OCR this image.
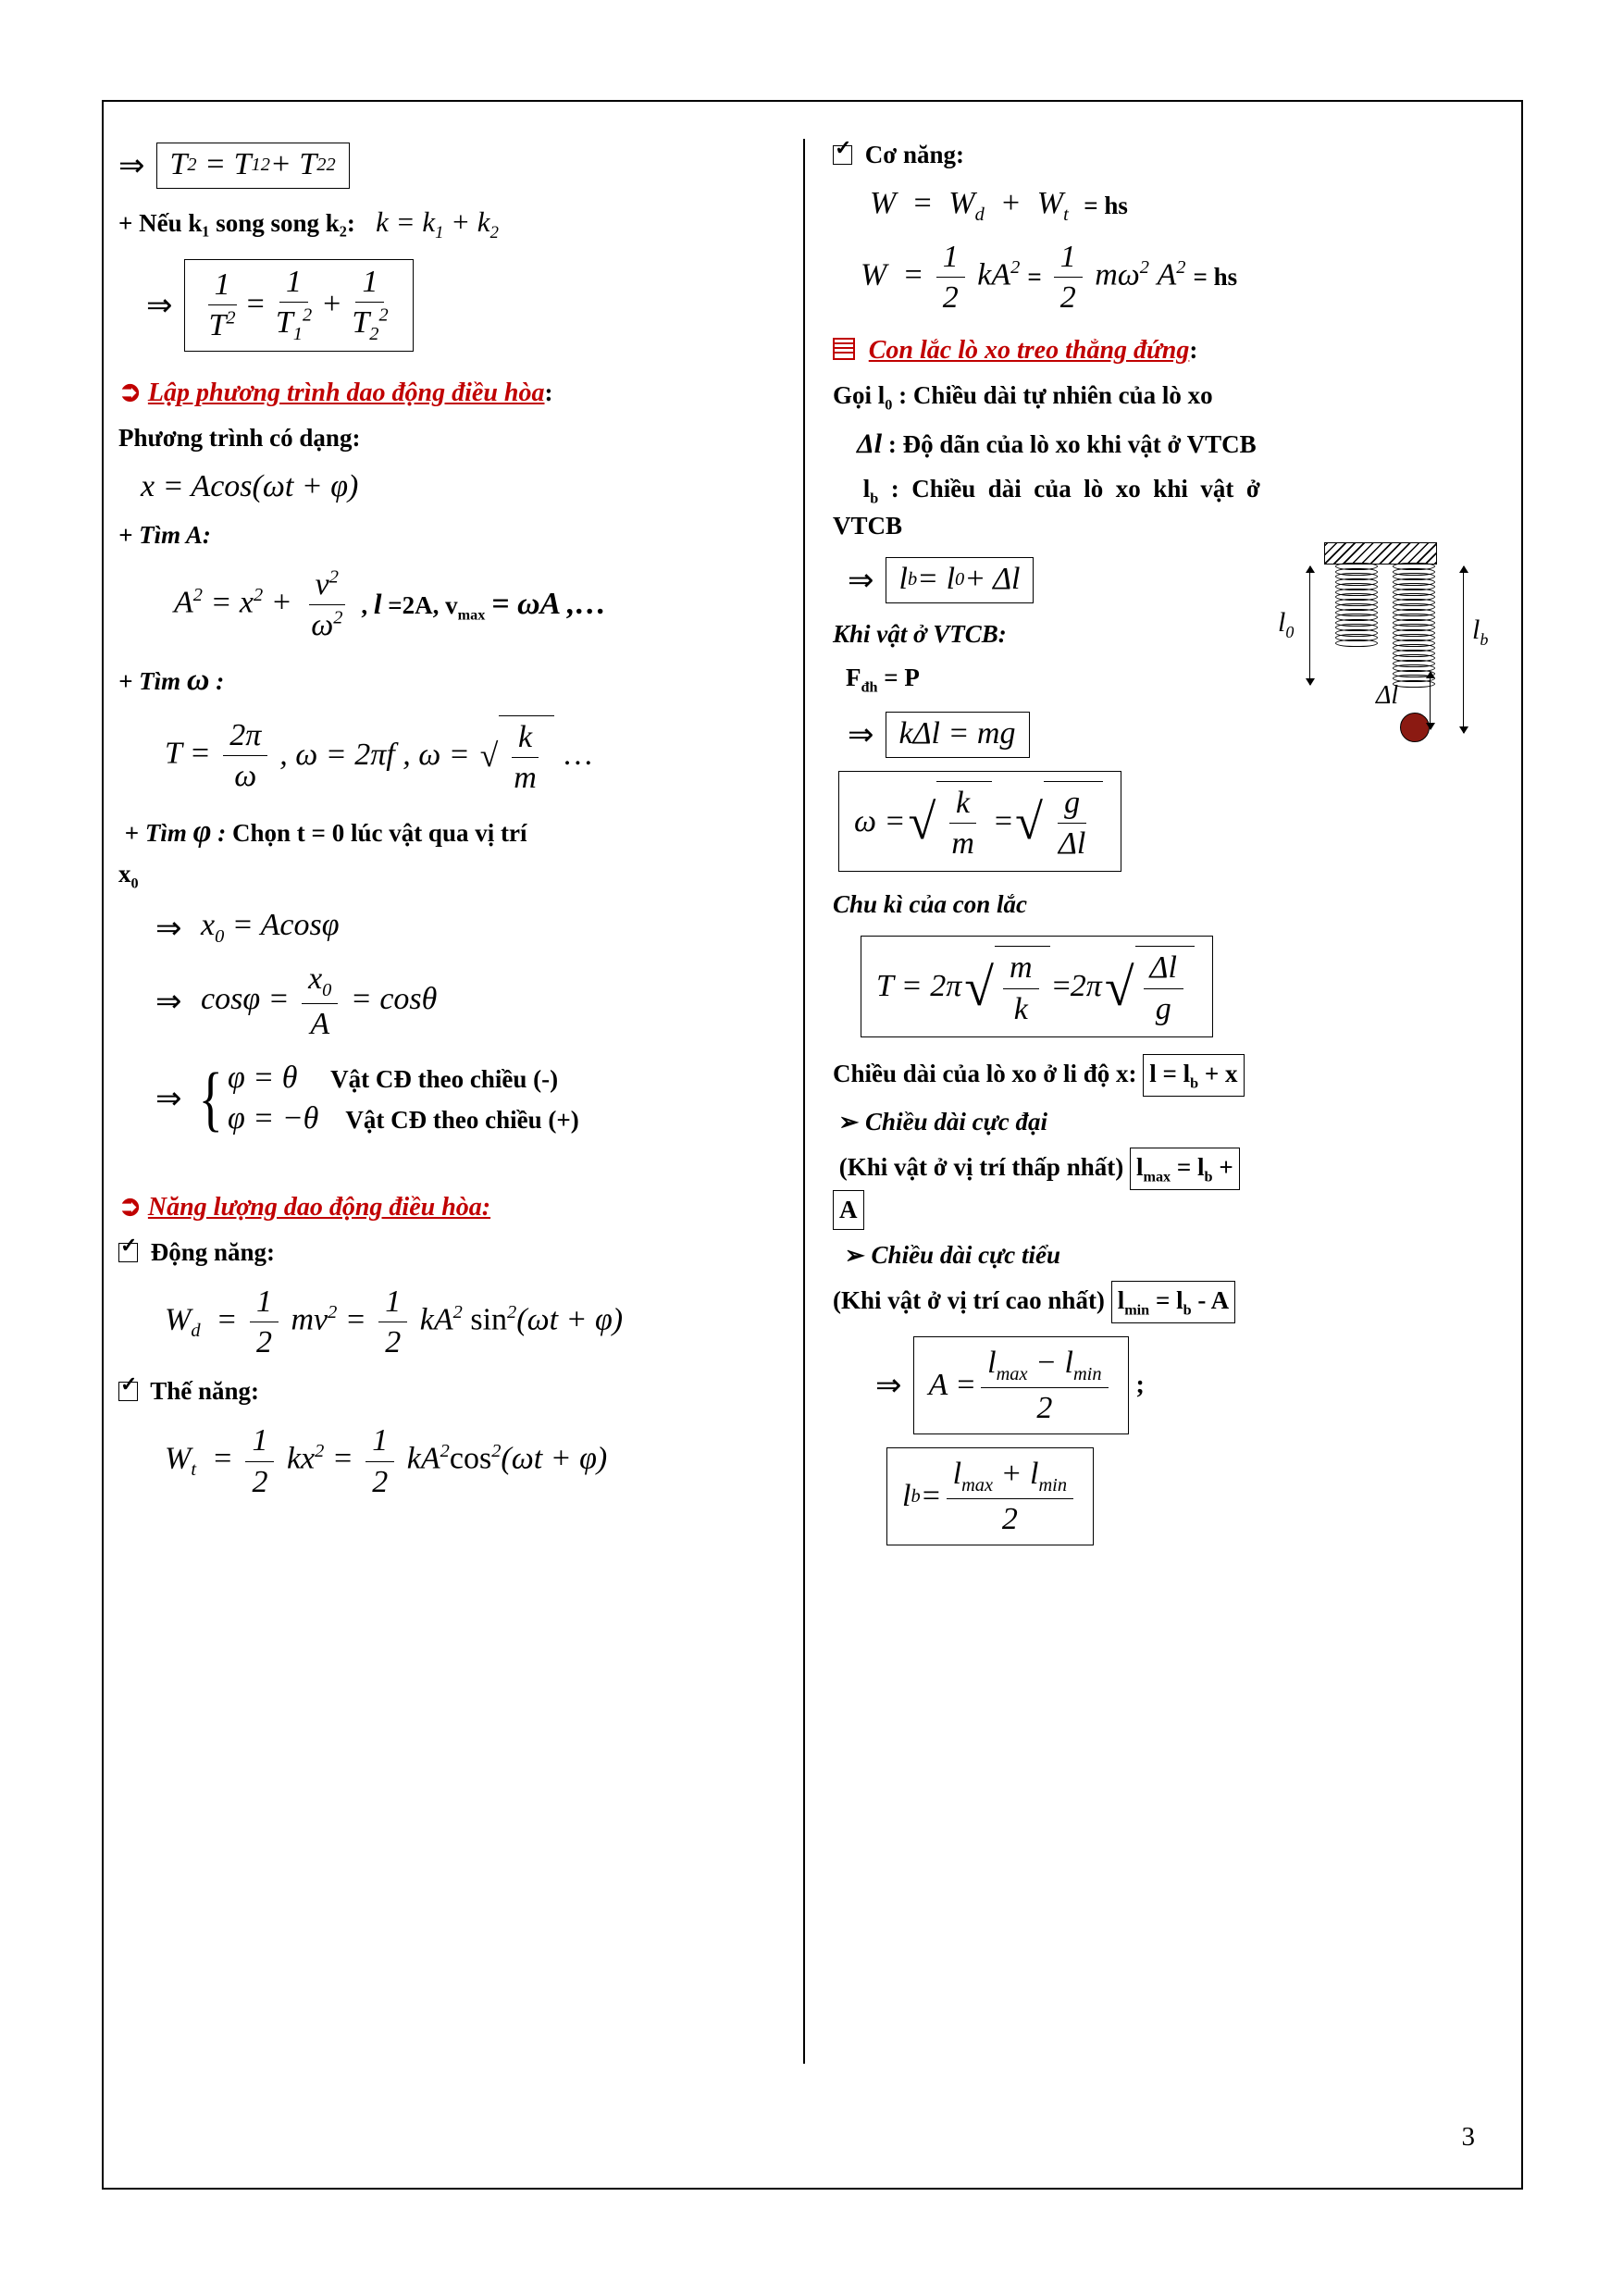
⇒ T 2 = T 1 2 + T 2 2
+ Nếu k₁ song song k₂:   $k = k_1 + k_2$
⇒ $\frac{1}{T^2} = \frac{1}{T_1^2} + \frac{1}{T_2^2}$
➲ Lập phương trình dao động điều hòa:
Phương trình có dạng:
x = Acos(ωt + φ)
+ Tìm A:
$A^2 = x^2 + \frac{v^2}{\omega^2}$ , l =2A, $v_{max} = \omega A$ ,…
+ Tìm ω :
$T = \frac{2\pi}{\omega}$ , ω = 2πf , ω = √ $\frac{k}{m}$ …
+ Tìm φ : Chọn t = 0 lúc vật qua vị trí
$x_0$
⇒ $x_0 = Acos\varphi$
⇒ $\cos\varphi = \frac{x_0}{A} = \cos\theta$
⇒ { φ = θ Vật CĐ theo chiều (-)
φ = −θ Vật CĐ theo chiều (+)
➲ Năng lượng dao động điều hòa:
✓ Động năng:
$W_d = \frac{1}{2} mv^2 = \frac{1}{2} kA^2$ $\sin^2(\omega t + \varphi)$
✓ Thế năng:
$W_t = \frac{1}{2} kx^2 = \frac{1}{2} kA^2\cos^2(\omega t + \varphi)$
✓ Cơ năng:
$W = W_d + W_t$ = hs
$W = \frac{1}{2} kA^2 = \frac{1}{2} m\omega^2$ $A^2$ = hs
Con lắc lò xo treo thẳng đứng:
Gọi $l_0$ : Chiều dài tự nhiên của lò xo
Δl : Độ dãn của lò xo khi vật ở VTCB
$l_b$  :  Chiều  dài  của  lò  xo  khi  vật  ở
VTCB
$l_0$	$l_b$
Δl
⇒ l b = l 0 + Δl
Khi vật ở VTCB:
$F_{đh} = P$
⇒ kΔl = mg
ω = √ $\frac{k}{m}$ = √ $\frac{g}{\Delta l}$
Chu kì của con lắc
T = 2π √ $\frac{m}{k} = 2\pi$ √ $\frac{\Delta l}{g}$
Chiều dài của lò xo ở li độ x: $l = l_b + x$
➢ Chiều dài cực đại
(Khi vật ở vị trí thấp nhất) $l_{max} = l_b$ +
A
➢ Chiều dài cực tiểu
(Khi vật ở vị trí cao nhất) $l_{min} = l_b - A$
⇒ $A = \frac{l_{max} - l_{min}}{2}$ ;
l $b = \frac{l_{max} + l_{min}}{2}$
3
